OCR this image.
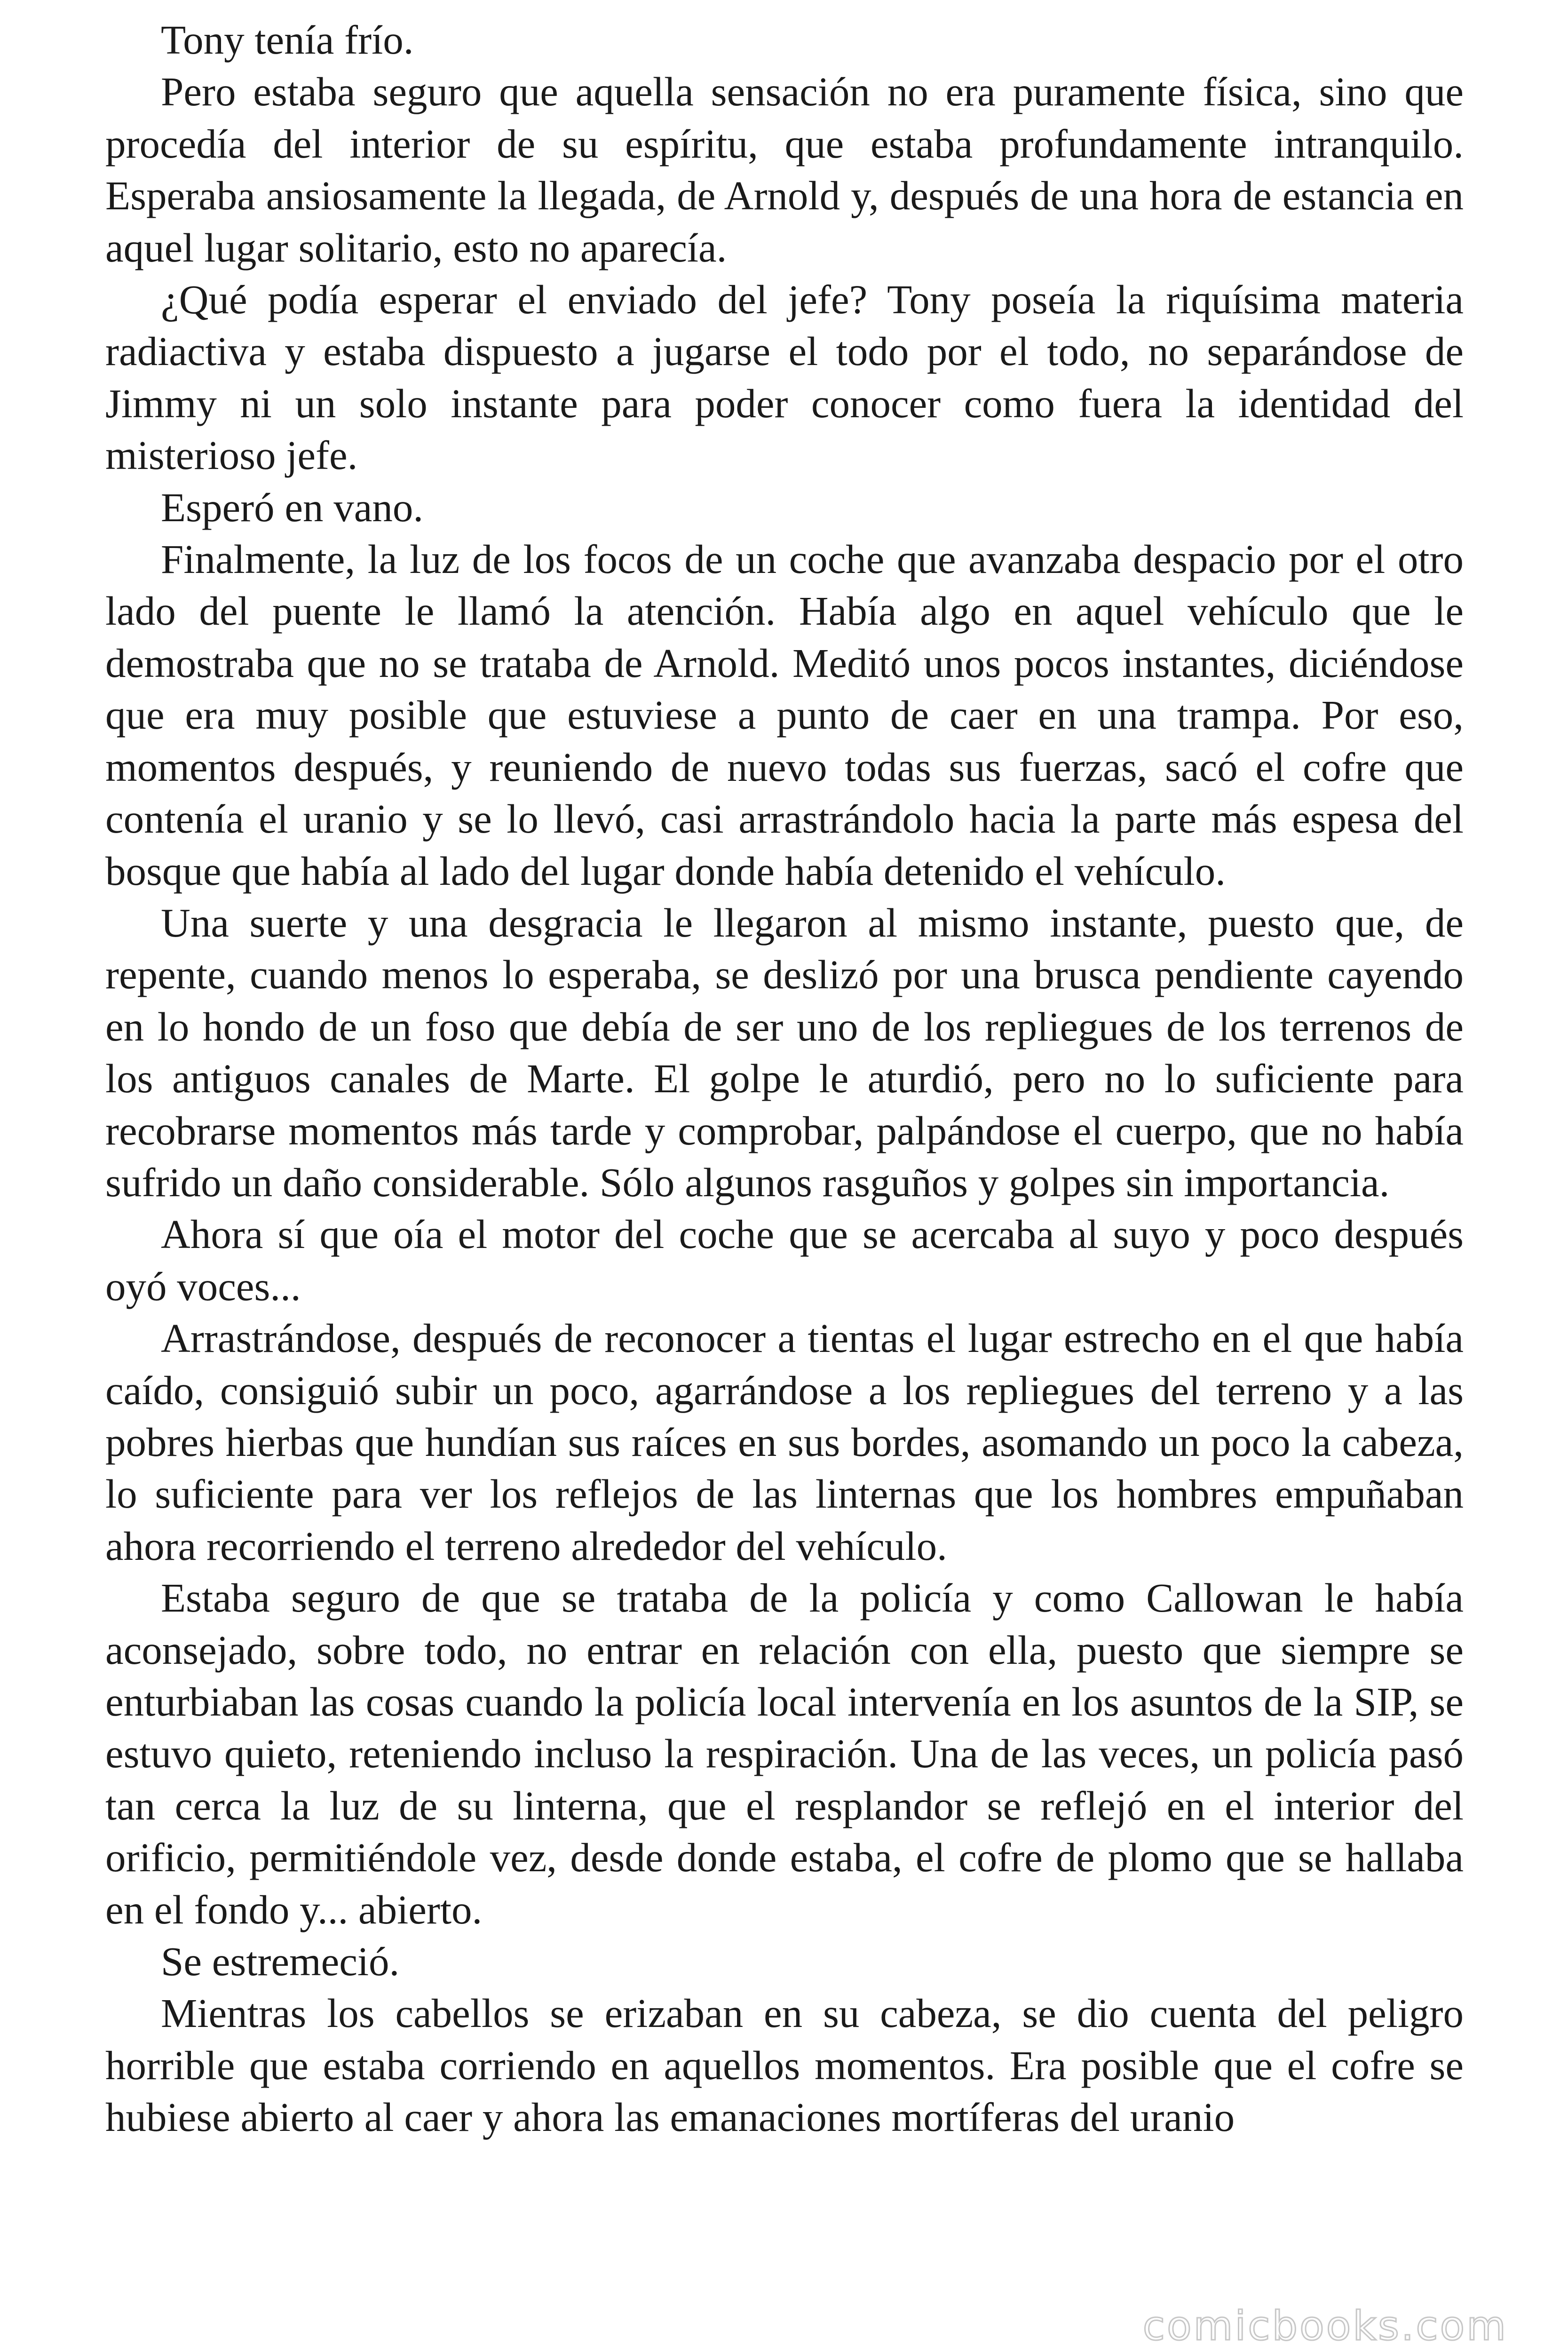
Tony tenía frío.

Pero estaba seguro que aquella sensación no era puramente física, sino que procedía del interior de su espíritu, que estaba profundamente intranquilo. Esperaba ansiosamente la llegada, de Arnold y, después de una hora de estancia en aquel lugar solitario, esto no aparecía.

¿Qué podía esperar el enviado del jefe? Tony poseía la riquísima materia radiactiva y estaba dispuesto a jugarse el todo por el todo, no separándose de Jimmy ni un solo instante para poder conocer como fuera la identidad del misterioso jefe.

Esperó en vano.

Finalmente, la luz de los focos de un coche que avanzaba despacio por el otro lado del puente le llamó la atención. Había algo en aquel vehículo que le demostraba que no se trataba de Arnold. Meditó unos pocos instantes, diciéndose que era muy posible que estuviese a punto de caer en una trampa. Por eso, momentos después, y reuniendo de nuevo todas sus fuerzas, sacó el cofre que contenía el uranio y se lo llevó, casi arrastrándolo hacia la parte más espesa del bosque que había al lado del lugar donde había detenido el vehículo.

Una suerte y una desgracia le llegaron al mismo instante, puesto que, de repente, cuando menos lo esperaba, se deslizó por una brusca pendiente cayendo en lo hondo de un foso que debía de ser uno de los repliegues de los terrenos de los antiguos canales de Marte. El golpe le aturdió, pero no lo suficiente para recobrarse momentos más tarde y comprobar, palpándose el cuerpo, que no había sufrido un daño considerable. Sólo algunos rasguños y golpes sin importancia.

Ahora sí que oía el motor del coche que se acercaba al suyo y poco después oyó voces...

Arrastrándose, después de reconocer a tientas el lugar estrecho en el que había caído, consiguió subir un poco, agarrándose a los repliegues del terreno y a las pobres hierbas que hundían sus raíces en sus bordes, asomando un poco la cabeza, lo suficiente para ver los reflejos de las linternas que los hombres empuñaban ahora recorriendo el terreno alrededor del vehículo.

Estaba seguro de que se trataba de la policía y como Callowan le había aconsejado, sobre todo, no entrar en relación con ella, puesto que siempre se enturbiaban las cosas cuando la policía local intervenía en los asuntos de la SIP, se estuvo quieto, reteniendo incluso la respiración. Una de las veces, un policía pasó tan cerca la luz de su linterna, que el resplandor se reflejó en el interior del orificio, permitiéndole vez, desde donde estaba, el cofre de plomo que se hallaba en el fondo y... abierto.

Se estremeció.

Mientras los cabellos se erizaban en su cabeza, se dio cuenta del peligro horrible que estaba corriendo en aquellos momentos. Era posible que el cofre se hubiese abierto al caer y ahora las emanaciones mortíferas del uranio

comicbooks.com
